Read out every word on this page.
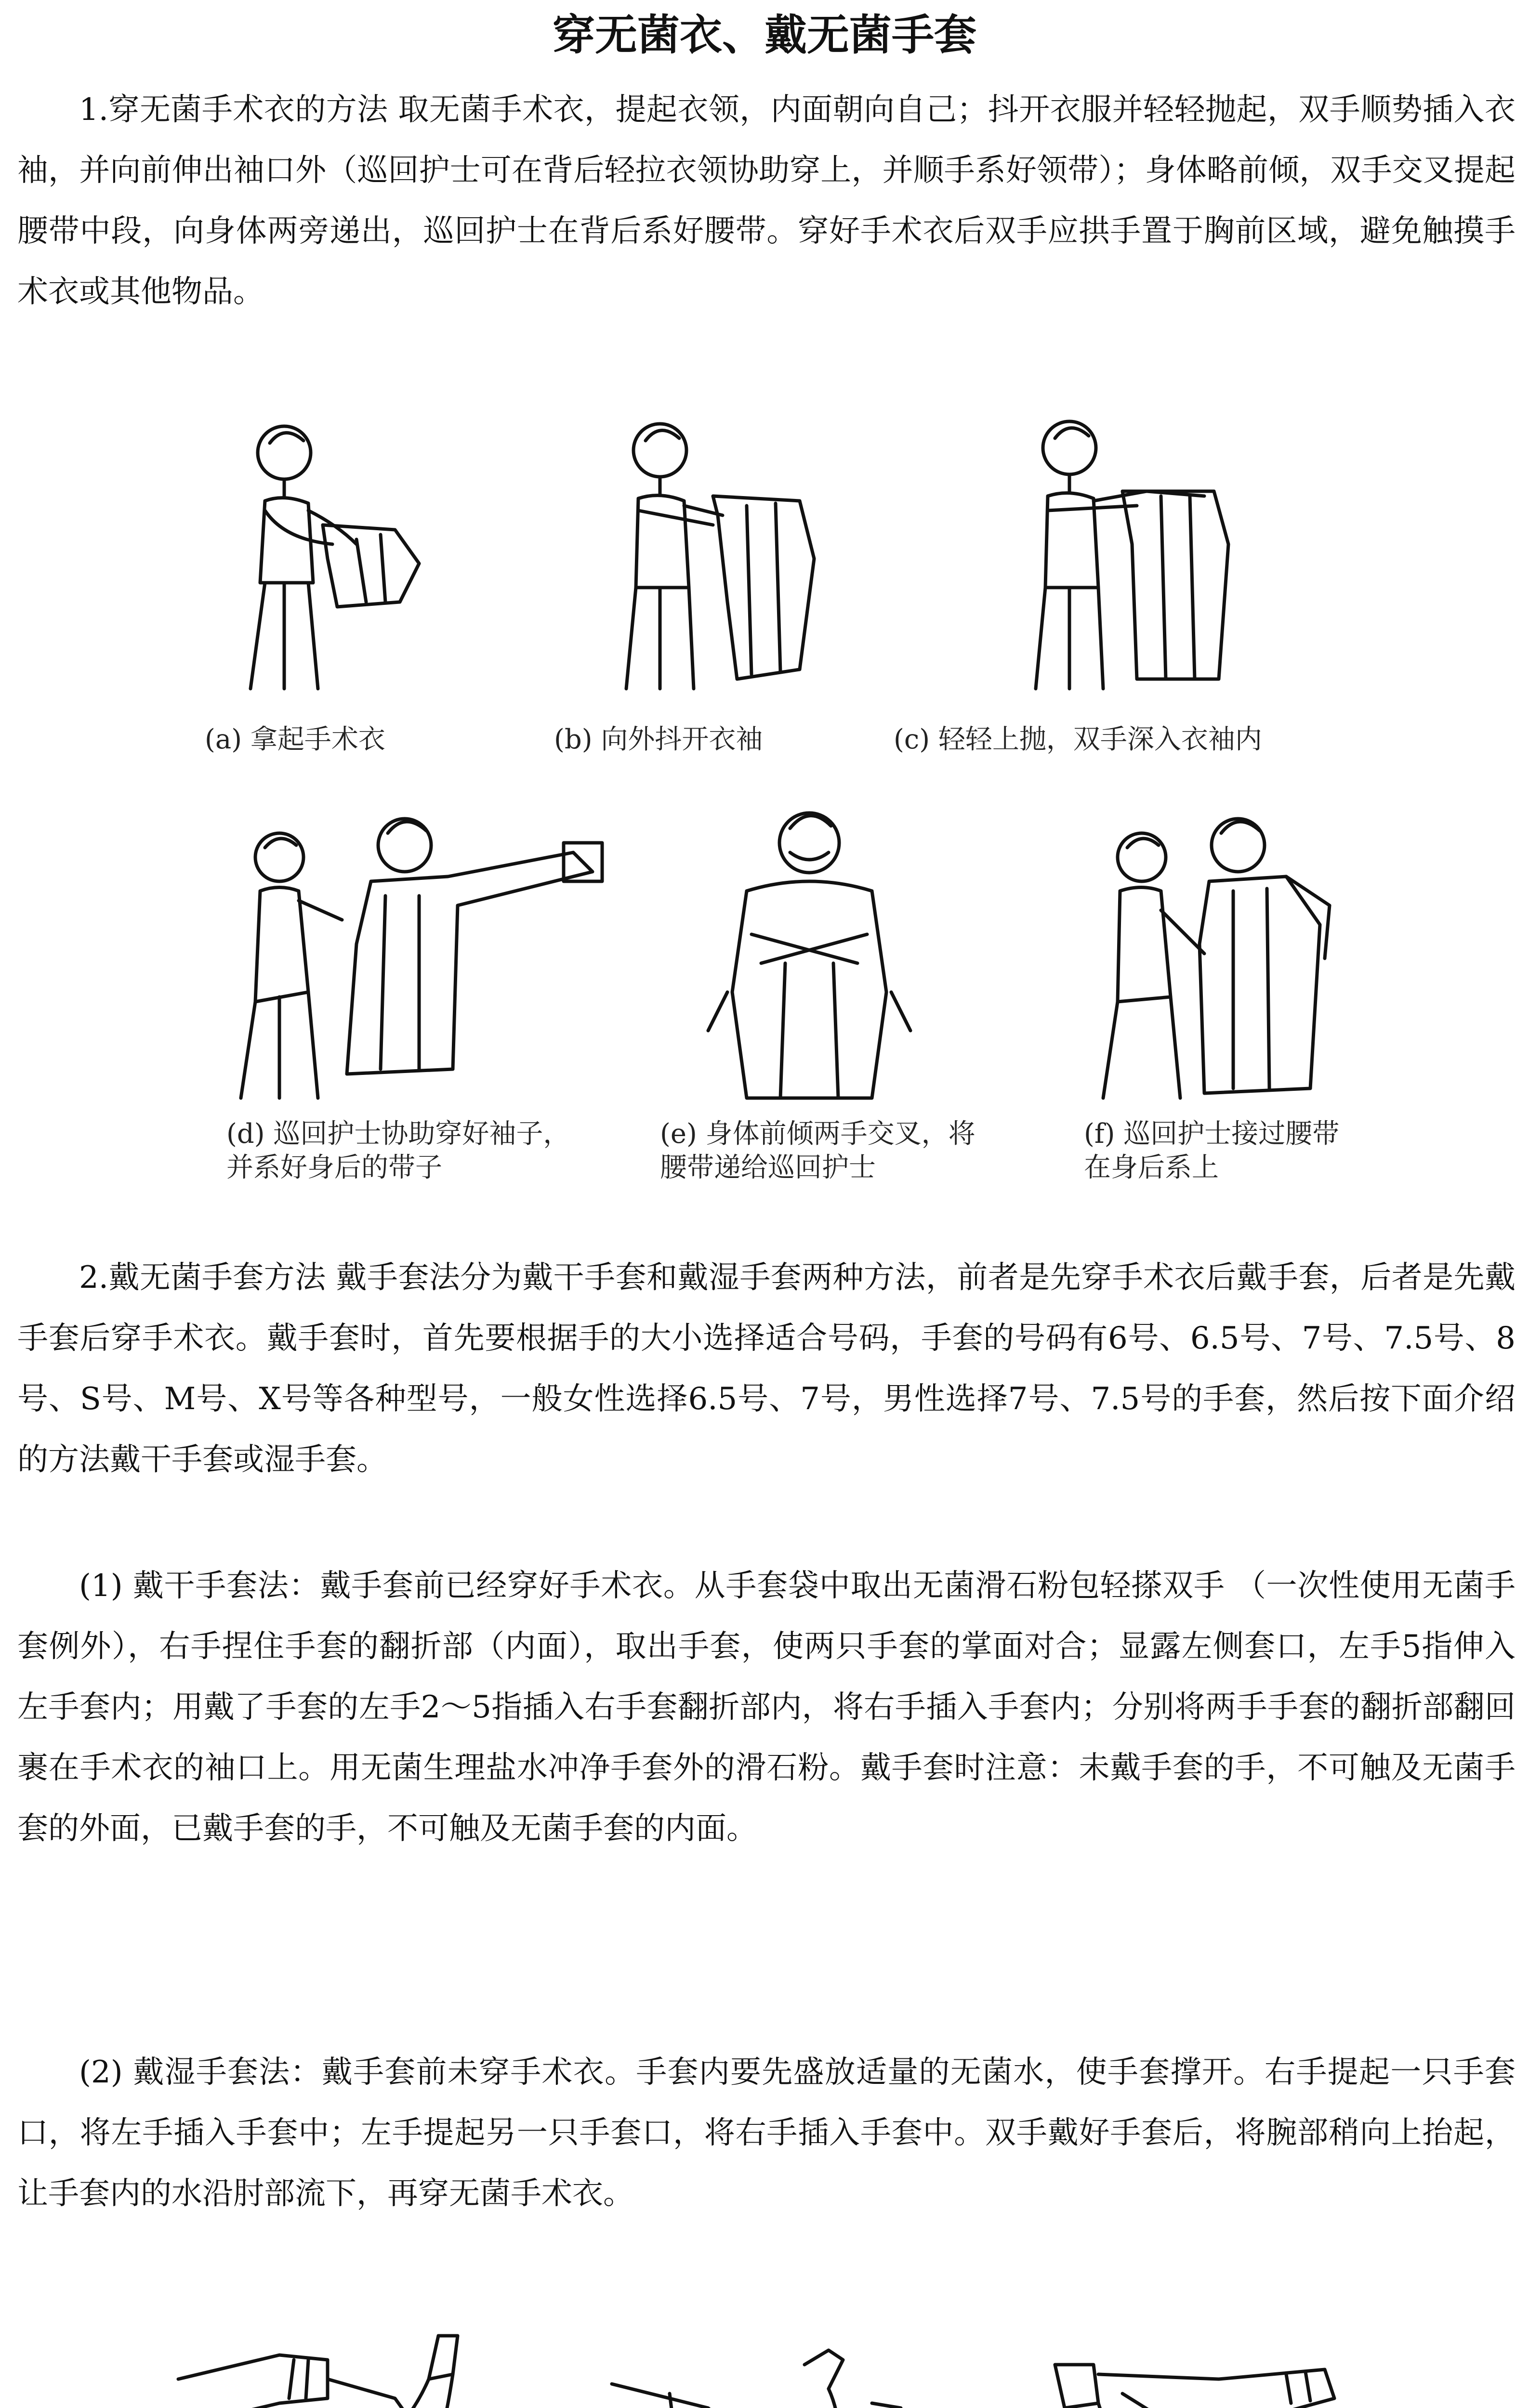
穿无菌衣、戴无菌手套

1.穿无菌手术衣的方法 取无菌手术衣，提起衣领，内面朝向自己；抖开衣服并轻轻抛起，双手顺势插入衣袖，并向前伸出袖口外（巡回护士可在背后轻拉衣领协助穿上，并顺手系好领带）；身体略前倾，双手交叉提起腰带中段，向身体两旁递出，巡回护士在背后系好腰带。穿好手术衣后双手应拱手置于胸前区域，避免触摸手术衣或其他物品。

(a) 拿起手术衣	(b) 向外抖开衣袖	(c) 轻轻上抛，双手深入衣袖内
(d) 巡回护士协助穿好袖子，并系好身后的带子
(e) 身体前倾两手交叉，将腰带递给巡回护士
(f) 巡回护士接过腰带在身后系上

2.戴无菌手套方法 戴手套法分为戴干手套和戴湿手套两种方法，前者是先穿手术衣后戴手套，后者是先戴手套后穿手术衣。戴手套时，首先要根据手的大小选择适合号码，手套的号码有6号、6.5号、7号、7.5号、8号、S号、M号、X号等各种型号，一般女性选择6.5号、7号，男性选择7号、7.5号的手套，然后按下面介绍的方法戴干手套或湿手套。

(1) 戴干手套法：戴手套前已经穿好手术衣。从手套袋中取出无菌滑石粉包轻搽双手 （一次性使用无菌手套例外），右手捏住手套的翻折部（内面），取出手套，使两只手套的掌面对合；显露左侧套口，左手5指伸入左手套内；用戴了手套的左手2～5指插入右手套翻折部内，将右手插入手套内；分别将两手手套的翻折部翻回裹在手术衣的袖口上。用无菌生理盐水冲净手套外的滑石粉。戴手套时注意：未戴手套的手，不可触及无菌手套的外面，已戴手套的手，不可触及无菌手套的内面。

(2) 戴湿手套法：戴手套前未穿手术衣。手套内要先盛放适量的无菌水，使手套撑开。右手提起一只手套口，将左手插入手套中；左手提起另一只手套口，将右手插入手套中。双手戴好手套后，将腕部稍向上抬起，让手套内的水沿肘部流下，再穿无菌手术衣。
